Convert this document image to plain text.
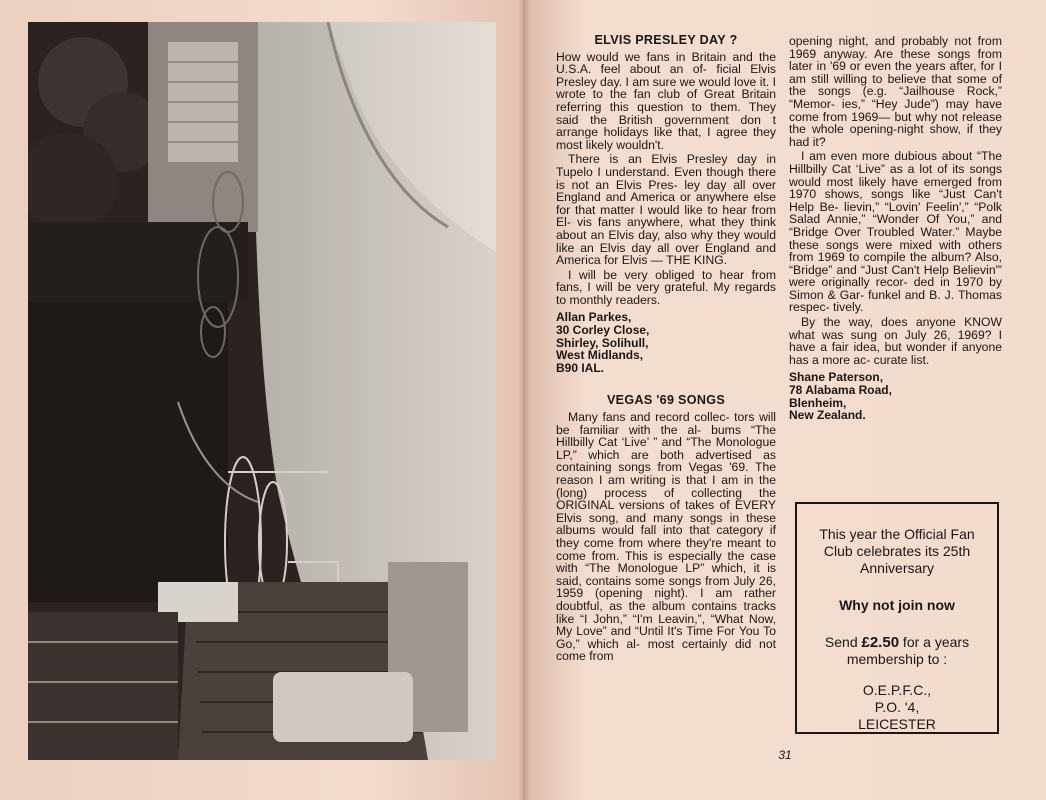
ELVIS PRESLEY DAY ?

How would we fans in Britain and the U.S.A. feel about an of- ficial Elvis Presley day. I am sure we would love it. I wrote to the fan club of Great Britain referring this question to them. They said the British government don t arrange holidays like that, I agree they most likely wouldn't.

There is an Elvis Presley day in Tupelo I understand. Even though there is not an Elvis Pres- ley day all over England and America or anywhere else for that matter I would like to hear from El- vis fans anywhere, what they think about an Elvis day, also why they would like an Elvis day all over England and America for Elvis — THE KING.

I will be very obliged to hear from fans, I will be very grateful. My regards to monthly readers.

Allan Parkes,
30 Corley Close,
Shirley, Solihull,
West Midlands,
B90 IAL.
VEGAS '69 SONGS

Many fans and record collec- tors will be familiar with the al- bums “The Hillbilly Cat ‘Live’ ” and “The Monologue LP,” which are both advertised as containing songs from Vegas '69. The reason I am writing is that I am in the (long) process of collecting the ORIGINAL versions of takes of EVERY Elvis song, and many songs in these albums would fall into that category if they come from where they're meant to come from. This is especially the case with “The Monologue LP” which, it is said, contains some songs from July 26, 1959 (opening night). I am rather doubtful, as the album contains tracks like “I John,” “I'm Leavin,”, “What Now, My Love” and “Until It's Time For You To Go,” which al- most certainly did not come from

opening night, and probably not from 1969 anyway. Are these songs from later in '69 or even the years after, for I am still willing to believe that some of the songs (e.g. “Jailhouse Rock,” “Memor- ies,” “Hey Jude”) may have come from 1969— but why not release the whole opening-night show, if they had it?

I am even more dubious about “The Hillbilly Cat ‘Live” as a lot of its songs would most likely have emerged from 1970 shows, songs like “Just Can't Help Be- lievin,” “Lovin' Feelin',” “Polk Salad Annie,” “Wonder Of You,” and “Bridge Over Troubled Water.” Maybe these songs were mixed with others from 1969 to compile the album? Also, “Bridge” and “Just Can't Help Believin'” were originally recor- ded in 1970 by Simon & Gar- funkel and B. J. Thomas respec- tively.

By the way, does anyone KNOW what was sung on July 26, 1969? I have a fair idea, but wonder if anyone has a more ac- curate list.

Shane Paterson,
78 Alabama Road,
Blenheim,
New Zealand.
This year the Official Fan Club celebrates its 25th Anniversary
Why not join now
Send £2.50 for a years membership to :
O.E.P.F.C.,
P.O. '4,
LEICESTER
31
